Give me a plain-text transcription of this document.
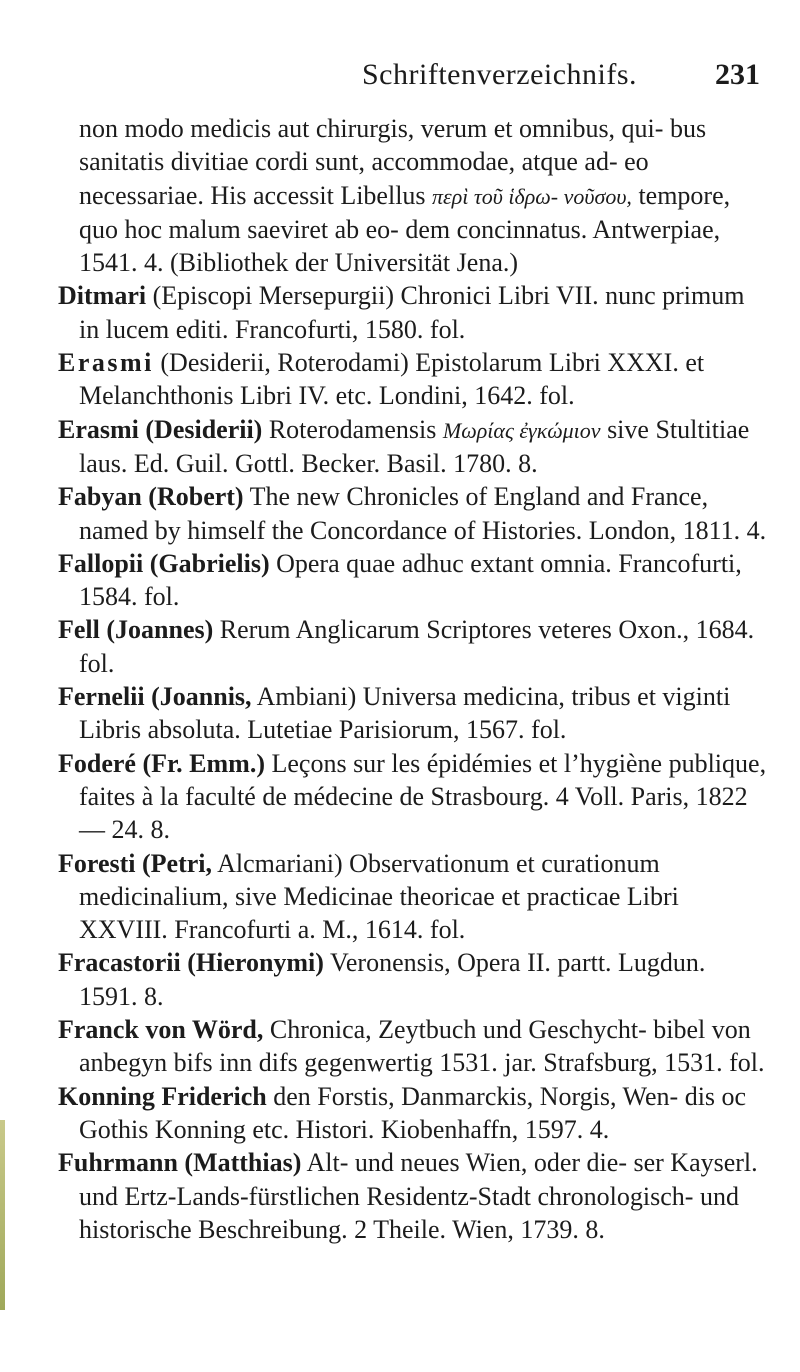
Schriftenverzeichnifs.	231

non modo medicis aut chirurgis, verum et omnibus, qui- bus sanitatis divitiae cordi sunt, accommodae, atque ad- eo necessariae. His accessit Libellus περὶ τοῦ ἱδρω- νοῦσου, tempore, quo hoc malum saeviret ab eo- dem concinnatus. Antwerpiae, 1541. 4. (Bibliothek der Universität Jena.)

Ditmari (Episcopi Mersepurgii) Chronici Libri VII. nunc primum in lucem editi. Francofurti, 1580. fol.

Erasmi (Desiderii, Roterodami) Epistolarum Libri XXXI. et Melanchthonis Libri IV. etc. Londini, 1642. fol.

Erasmi (Desiderii) Roterodamensis Μωρίας ἐγκώμιον sive Stultitiae laus. Ed. Guil. Gottl. Becker. Basil. 1780. 8.

Fabyan (Robert) The new Chronicles of England and France, named by himself the Concordance of Histories. London, 1811. 4.

Fallopii (Gabrielis) Opera quae adhuc extant omnia. Francofurti, 1584. fol.

Fell (Joannes) Rerum Anglicarum Scriptores veteres Oxon., 1684. fol.

Fernelii (Joannis, Ambiani) Universa medicina, tribus et viginti Libris absoluta. Lutetiae Parisiorum, 1567. fol.

Foderé (Fr. Emm.) Leçons sur les épidémies et l’hygiène publique, faites à la faculté de médecine de Strasbourg. 4 Voll. Paris, 1822 — 24. 8.

Foresti (Petri, Alcmariani) Observationum et curationum medicinalium, sive Medicinae theoricae et practicae Libri XXVIII. Francofurti a. M., 1614. fol.

Fracastorii (Hieronymi) Veronensis, Opera II. partt. Lugdun. 1591. 8.

Franck von Wörd, Chronica, Zeytbuch und Geschycht- bibel von anbegyn bifs inn difs gegenwertig 1531. jar. Strafsburg, 1531. fol.

Konning Friderich den Forstis, Danmarckis, Norgis, Wen- dis oc Gothis Konning etc. Histori. Kiobenhaffn, 1597. 4.

Fuhrmann (Matthias) Alt- und neues Wien, oder die- ser Kayserl. und Ertz-Lands-fürstlichen Residentz-Stadt chronologisch- und historische Beschreibung. 2 Theile. Wien, 1739. 8.
